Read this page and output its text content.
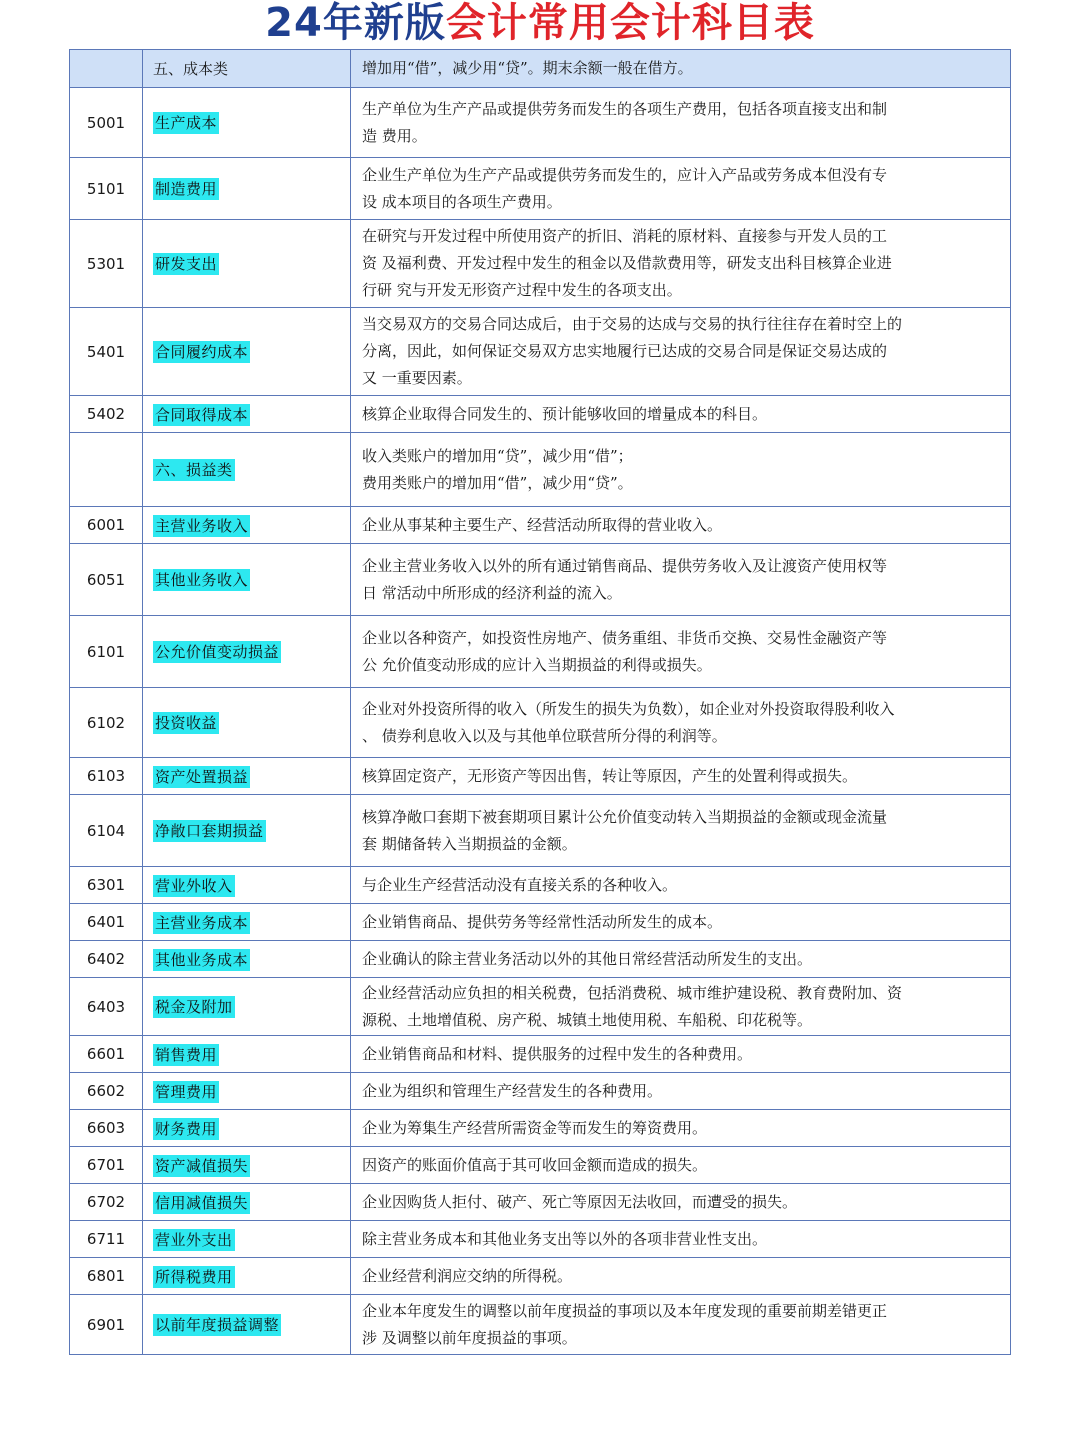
24年新版会计常用会计科目表
	五、成本类	增加用“借”，减少用“贷”。期末余额一般在借方。
5001	生产成本	生产单位为生产产品或提供劳务而发生的各项生产费用，包括各项直接支出和制
造 费用。

5101	制造费用	企业生产单位为生产产品或提供劳务而发生的，应计入产品或劳务成本但没有专
设 成本项目的各项生产费用。

5301	研发支出	在研究与开发过程中所使用资产的折旧、消耗的原材料、直接参与开发人员的工
资 及福利费、开发过程中发生的租金以及借款费用等，研发支出科目核算企业进
行研 究与开发无形资产过程中发生的各项支出。

5401	合同履约成本	当交易双方的交易合同达成后，由于交易的达成与交易的执行往往存在着时空上的
分离，因此，如何保证交易双方忠实地履行已达成的交易合同是保证交易达成的
又 一重要因素。

5402	合同取得成本	核算企业取得合同发生的、预计能够收回的增量成本的科目。

	六、损益类	收入类账户的增加用“贷”，减少用“借”；
费用类账户的增加用“借”，减少用“贷”。

6001	主营业务收入	企业从事某种主要生产、经营活动所取得的营业收入。

6051	其他业务收入	企业主营业务收入以外的所有通过销售商品、提供劳务收入及让渡资产使用权等
日 常活动中所形成的经济利益的流入。

6101	公允价值变动损益	企业以各种资产，如投资性房地产、债务重组、非货币交换、交易性金融资产等
公 允价值变动形成的应计入当期损益的利得或损失。

6102	投资收益	企业对外投资所得的收入（所发生的损失为负数），如企业对外投资取得股利收入
、 债券利息收入以及与其他单位联营所分得的利润等。

6103	资产处置损益	核算固定资产，无形资产等因出售，转让等原因，产生的处置利得或损失。

6104	净敞口套期损益	核算净敞口套期下被套期项目累计公允价值变动转入当期损益的金额或现金流量
套 期储备转入当期损益的金额。

6301	营业外收入	与企业生产经营活动没有直接关系的各种收入。

6401	主营业务成本	企业销售商品、提供劳务等经常性活动所发生的成本。

6402	其他业务成本	企业确认的除主营业务活动以外的其他日常经营活动所发生的支出。

6403	税金及附加	企业经营活动应负担的相关税费，包括消费税、城市维护建设税、教育费附加、资
源税、土地增值税、房产税、城镇土地使用税、车船税、印花税等。

6601	销售费用	企业销售商品和材料、提供服务的过程中发生的各种费用。

6602	管理费用	企业为组织和管理生产经营发生的各种费用。

6603	财务费用	企业为筹集生产经营所需资金等而发生的筹资费用。

6701	资产减值损失	因资产的账面价值高于其可收回金额而造成的损失。

6702	信用减值损失	企业因购货人拒付、破产、死亡等原因无法收回，而遭受的损失。

6711	营业外支出	除主营业务成本和其他业务支出等以外的各项非营业性支出。

6801	所得税费用	企业经营利润应交纳的所得税。

6901	以前年度损益调整	企业本年度发生的调整以前年度损益的事项以及本年度发现的重要前期差错更正
涉 及调整以前年度损益的事项。
